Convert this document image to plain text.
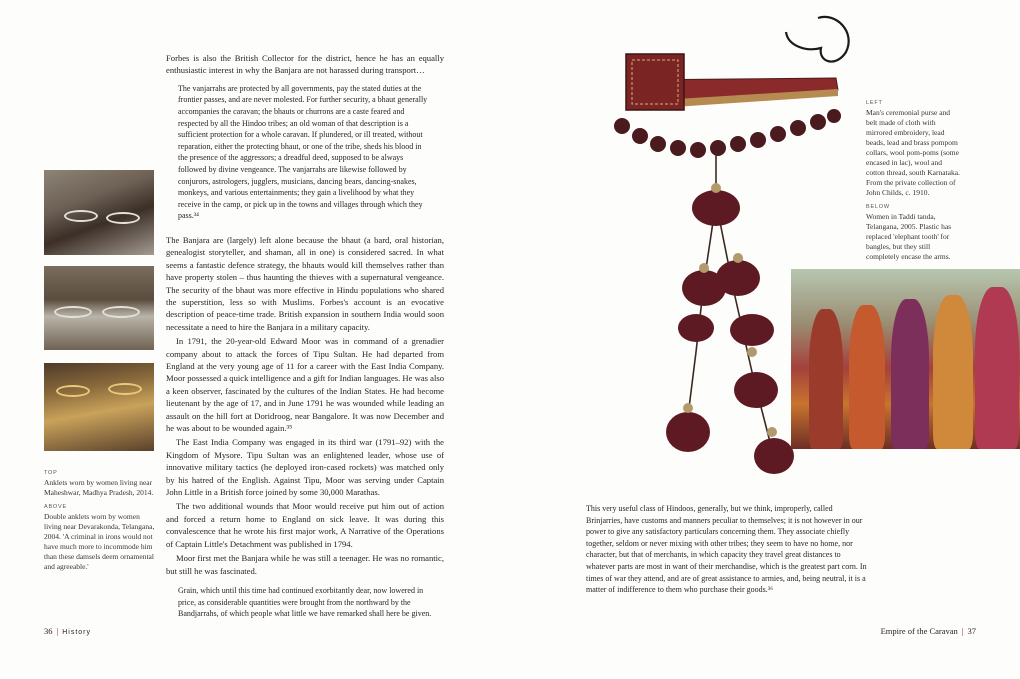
TOP
Anklets worn by women living near Maheshwar, Madhya Pradesh, 2014.
ABOVE
Double anklets worn by women living near Devarakonda, Telangana, 2004. 'A criminal in irons would not have much more to incommode him than these damsels deem ornamental and agreeable.'

Forbes is also the British Collector for the district, hence he has an equally enthusiastic interest in why the Banjara are not harassed during transport…

The vanjarrahs are protected by all governments, pay the stated duties at the frontier passes, and are never molested. For further security, a bhaut generally accompanies the caravan; the bhauts or churrons are a caste feared and respected by all the Hindoo tribes; an old woman of that description is a sufficient protection for a whole caravan. If plundered, or ill treated, without reparation, either the protecting bhaut, or one of the tribe, sheds his blood in the presence of the aggressors; a dreadful deed, supposed to be always followed by divine vengeance. The vanjarrahs are likewise followed by conjurors, astrologers, jugglers, musicians, dancing bears, dancing-snakes, monkeys, and various entertainments; they gain a livelihood by what they receive in the camp, or pick up in the towns and villages through which they pass.³⁴

The Banjara are (largely) left alone because the bhaut (a bard, oral historian, genealogist storyteller, and shaman, all in one) is considered sacred. In what seems a fantastic defence strategy, the bhauts would kill themselves rather than have property stolen – thus haunting the thieves with a supernatural vengeance. The security of the bhaut was more effective in Hindu populations who shared the superstition, less so with Muslims. Forbes's account is an evocative description of peace-time trade. British expansion in southern India would soon necessitate a need to hire the Banjara in a military capacity.

In 1791, the 20-year-old Edward Moor was in command of a grenadier company about to attack the forces of Tipu Sultan. He had departed from England at the very young age of 11 for a career with the East India Company. Moor possessed a quick intelligence and a gift for Indian languages. He was also a keen observer, fascinated by the cultures of the Indian States. He had become lieutenant by the age of 17, and in June 1791 he was wounded while leading an assault on the hill fort at Doridroog, near Bangalore. It was now December and he was about to be wounded again.³⁵

The East India Company was engaged in its third war (1791–92) with the Kingdom of Mysore. Tipu Sultan was an enlightened leader, whose use of innovative military tactics (he deployed iron-cased rockets) was matched only by his hatred of the English. Against Tipu, Moor was serving under Captain John Little in a British force joined by some 30,000 Marathas.

The two additional wounds that Moor would receive put him out of action and forced a return home to England on sick leave. It was during this convalescence that he wrote his first major work, A Narrative of the Operations of Captain Little's Detachment was published in 1794.

Moor first met the Banjara while he was still a teenager. He was no romantic, but still he was fascinated.

Grain, which until this time had continued exorbitantly dear, now lowered in price, as considerable quantities were brought from the northward by the Bandjarrahs, of which people what little we have remarked shall here be given.

36 | History
LEFT
Man's ceremonial purse and belt made of cloth with mirrored embroidery, lead beads, lead and brass pompom collars, wool pom-poms (some encased in lac), wool and cotton thread, south Karnataka. From the private collection of John Childs, c. 1910.
BELOW
Women in Taddi tanda, Telangana, 2005. Plastic has replaced 'elephant tooth' for bangles, but they still completely encase the arms.

This very useful class of Hindoos, generally, but we think, improperly, called Brinjarries, have customs and manners peculiar to themselves; it is not however in our power to give any satisfactory particulars concerning them. They associate chiefly together, seldom or never mixing with other tribes; they seem to have no home, nor character, but that of merchants, in which capacity they travel great distances to whatever parts are most in want of their merchandise, which is the greatest part corn. In times of war they attend, and are of great assistance to armies, and, being neutral, it is a matter of indifference to them who purchase their goods.³⁶

Empire of the Caravan | 37
